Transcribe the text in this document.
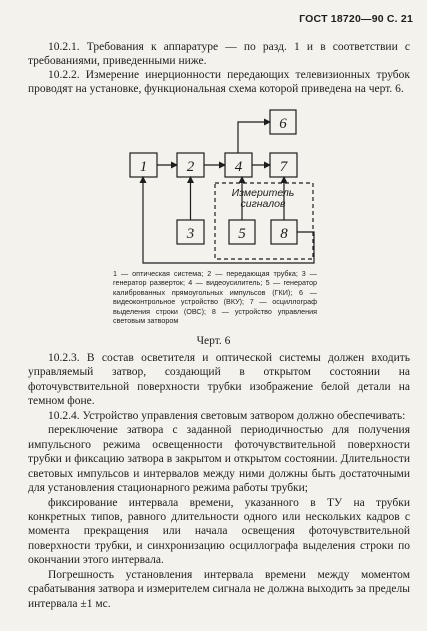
ГОСТ 18720—90 С. 21
10.2.1. Требования к аппаратуре — по разд. 1 и в соответствии с требованиями, приведенными ниже.
10.2.2. Измерение инерционности передающих телевизионных трубок проводят на установке, функциональная схема которой приведена на черт. 6.
1	2
3
4
5
6
7
8
Измеритель
сигналов
1 — оптическая система; 2 — передающая трубка; 3 — генератор разверток; 4 — видеоусилитель; 5 — генератор калиброванных прямоугольных импульсов (ГКИ); 6 — видеоконтрольное устройство (ВКУ); 7 — осциллограф выделения строки (ОВС); 8 — устройство управления световым затвором
Черт. 6

10.2.3. В состав осветителя и оптической системы должен входить управляемый затвор, создающий в открытом состоянии на фоточувствительной поверхности трубки изображение белой детали на темном фоне.

10.2.4. Устройство управления световым затвором должно обеспечивать:

переключение затвора с заданной периодичностью для получения импульсного режима освещенности фоточувствительной поверхности трубки и фиксацию затвора в закрытом и открытом состоянии. Длительности световых импульсов и интервалов между ними должны быть достаточными для установления стационарного режима работы трубки;

фиксирование интервала времени, указанного в ТУ на трубки конкретных типов, равного длительности одного или нескольких кадров с момента прекращения или начала освещения фоточувствительной поверхности трубки, и синхронизацию осциллографа выделения строки по окончании этого интервала.

Погрешность установления интервала времени между моментом срабатывания затвора и измерителем сигнала не должна выходить за пределы интервала ±1 мс.
